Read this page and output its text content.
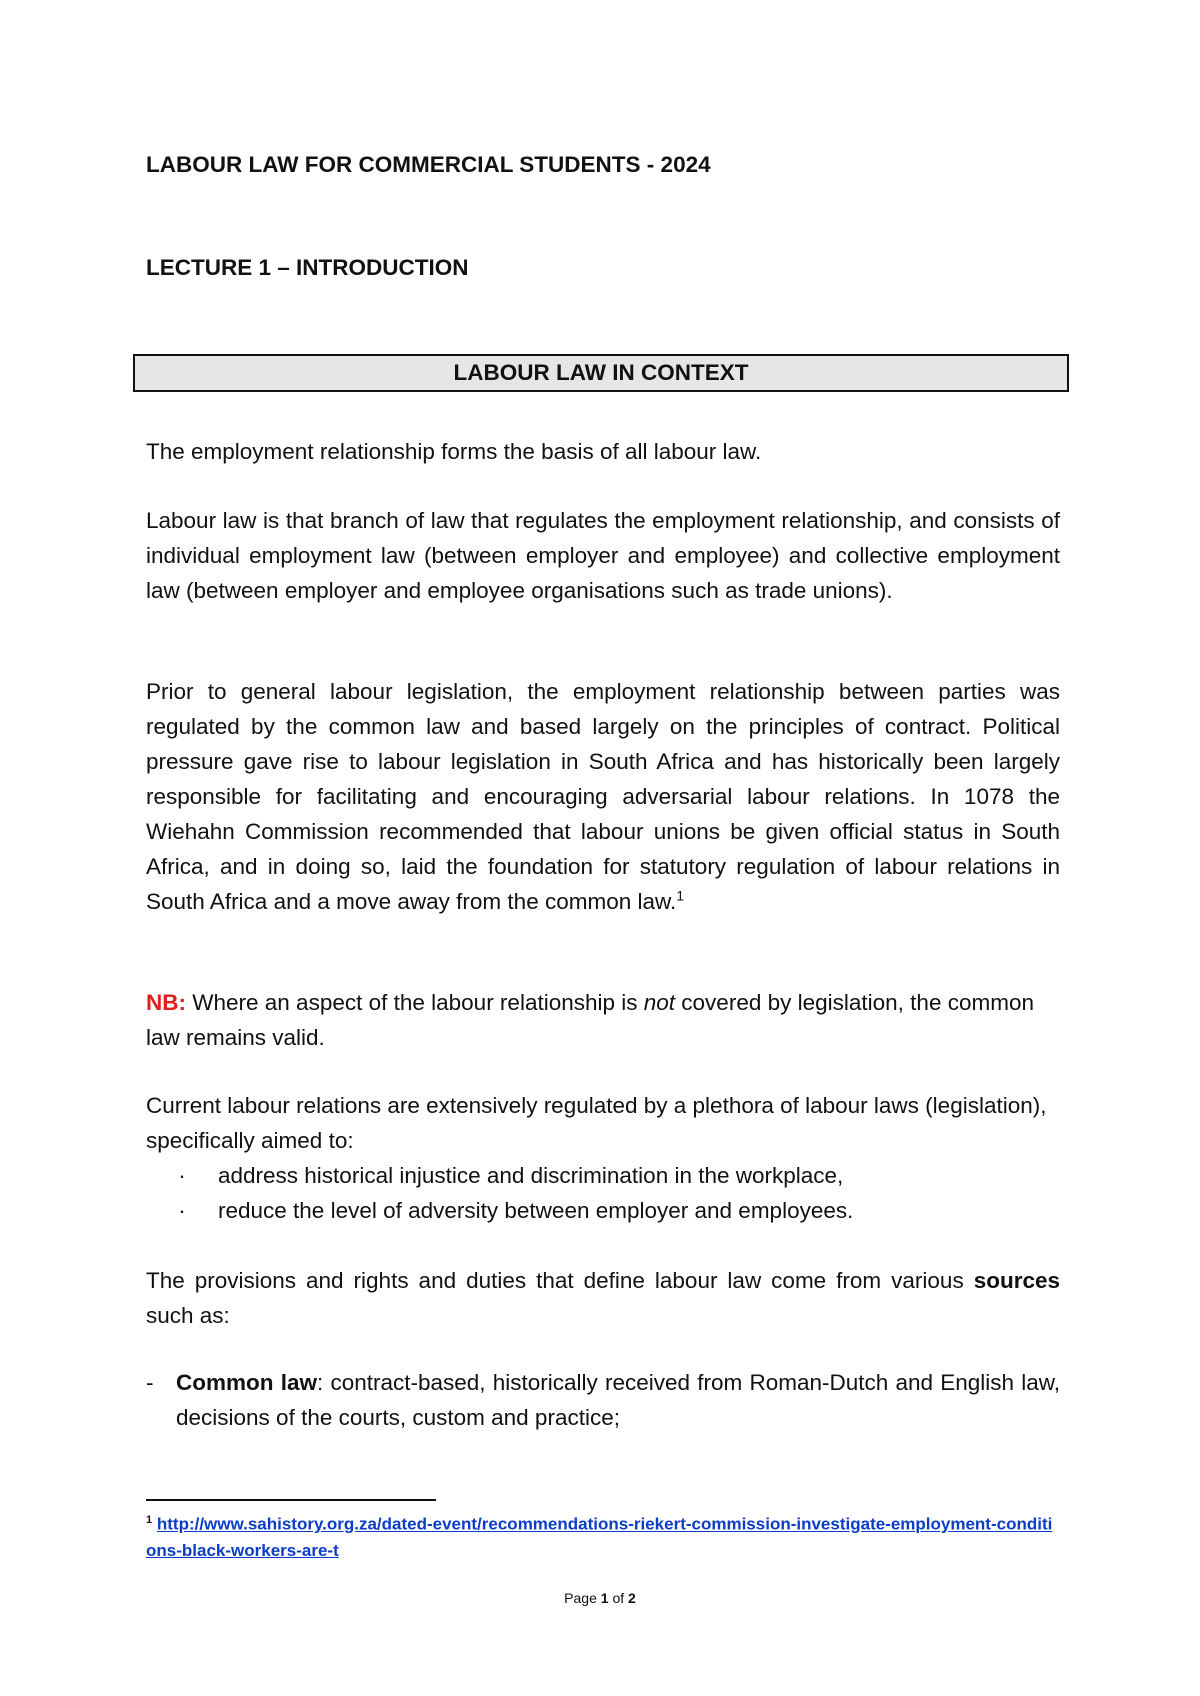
LABOUR LAW FOR COMMERCIAL STUDENTS - 2024
LECTURE 1 – INTRODUCTION
LABOUR LAW IN CONTEXT
The employment relationship forms the basis of all labour law.
Labour law is that branch of law that regulates the employment relationship, and consists of individual employment law (between employer and employee) and collective employment law (between employer and employee organisations such as trade unions).
Prior to general labour legislation, the employment relationship between parties was regulated by the common law and based largely on the principles of contract. Political pressure gave rise to labour legislation in South Africa and has historically been largely responsible for facilitating and encouraging adversarial labour relations. In 1078 the Wiehahn Commission recommended that labour unions be given official status in South Africa, and in doing so, laid the foundation for statutory regulation of labour relations in South Africa and a move away from the common law.$^1$
NB: Where an aspect of the labour relationship is not covered by legislation, the common law remains valid.
Current labour relations are extensively regulated by a plethora of labour laws (legislation), specifically aimed to:
·	address historical injustice and discrimination in the workplace,
·	reduce the level of adversity between employer and employees.
The provisions and rights and duties that define labour law come from various sources such as:
-	Common law: contract-based, historically received from Roman-Dutch and English law, decisions of the courts, custom and practice;
$^1$ http://www.sahistory.org.za/dated-event/recommendations-riekert-commission-investigate-employment-conditions-black-workers-are-t
Page 1 of 2
